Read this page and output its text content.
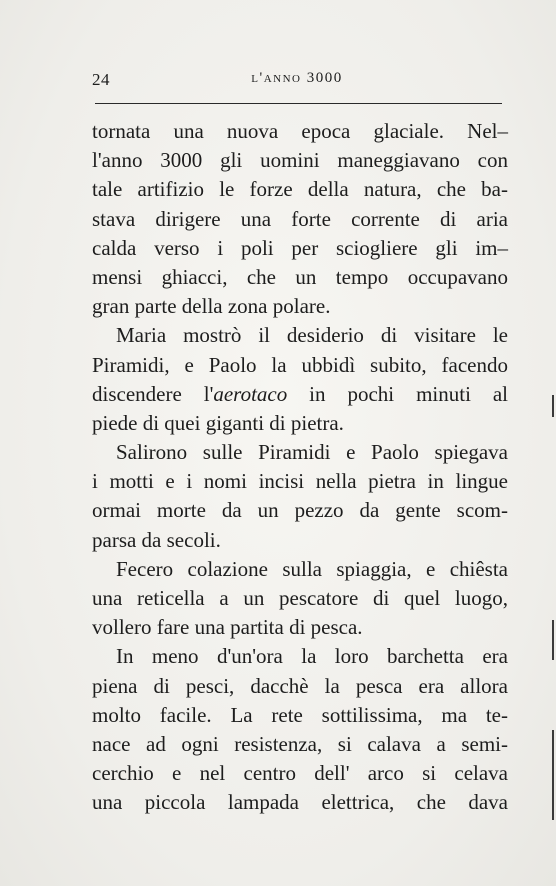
24	l'anno 3000
tornata una nuova epoca glaciale. Nel–
l'anno 3000 gli uomini maneggiavano con
tale artifizio le forze della natura, che ba-
stava dirigere una forte corrente di aria
calda verso i poli per sciogliere gli im–
mensi ghiacci, che un tempo occupavano
gran parte della zona polare.
Maria mostrò il desiderio di visitare le
Piramidi, e Paolo la ubbidì subito, facendo
discendere l'aerotaco in pochi minuti al
piede di quei giganti di pietra.
Salirono sulle Piramidi e Paolo spiegava
i motti e i nomi incisi nella pietra in lingue
ormai morte da un pezzo da gente scom-
parsa da secoli.
Fecero colazione sulla spiaggia, e chiêsta
una reticella a un pescatore di quel luogo,
vollero fare una partita di pesca.
In meno d'un'ora la loro barchetta era
piena di pesci, dacchè la pesca era allora
molto facile. La rete sottilissima, ma te-
nace ad ogni resistenza, si calava a semi-
cerchio e nel centro dell' arco si celava
una piccola lampada elettrica, che dava
